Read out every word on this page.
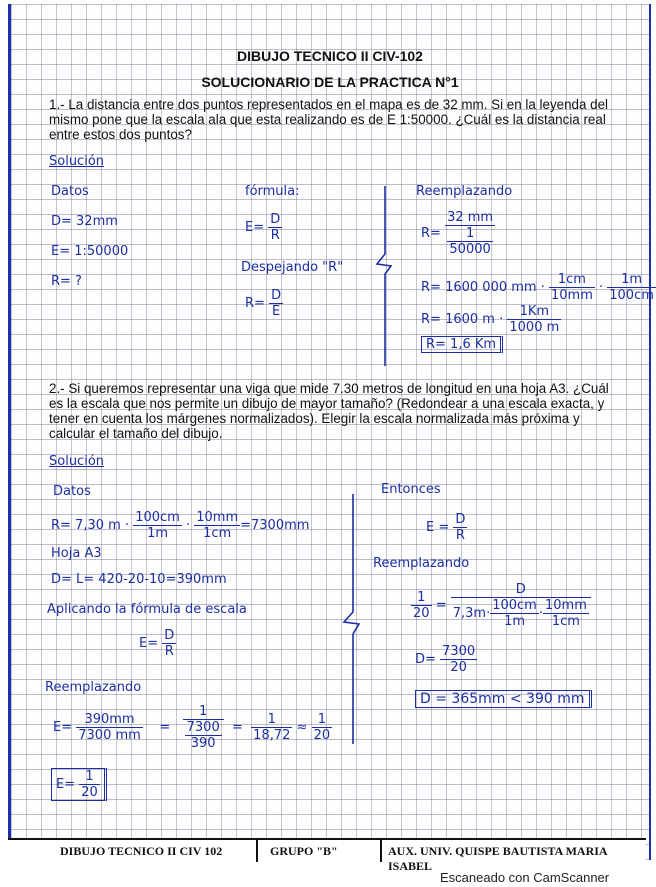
DIBUJO TECNICO II CIV-102
SOLUCIONARIO DE LA PRACTICA N°1
1.- La distancia entre dos puntos representados en el mapa es de 32 mm. Si en la leyenda del mismo pone que la escala ala que esta realizando es de E 1:50000. ¿Cuál es la distancia real entre estos dos puntos?
Solución
Datos
D= 32mm
E= 1:50000
R= ?
fórmula:
$E= \frac{D}{R}$
Despejando "R"
$R= \frac{D}{E}$
Reemplazando
$R= \frac{32 mm}{\frac{1}{50000}}$
R= 1600 000 mm · $\frac{1cm}{10mm} \cdot \frac{1m}{100cm}$
R= 1600 $m \cdot \frac{1Km}{1000 m}$
R= 1,6 Km
2.- Si queremos representar una viga que mide 7.30 metros de longitud en una hoja A3. ¿Cuál es la escala que nos permite un dibujo de mayor tamaño? (Redondear a una escala exacta, y tener en cuenta los márgenes normalizados). Elegir la escala normalizada más próxima y calcular el tamaño del dibujo.
Solución
Datos
R= 7,30 $m \cdot \frac{100cm}{1m} \cdot \frac{10mm}{1cm} =7300mm$
Hoja A3
D= L= 420-20-10=390mm
Aplicando la fórmula de escala
$E= \frac{D}{R}$
Reemplazando
$E= \frac{390mm}{7300 mm} = \frac{1}{\frac{7300}{390}} = \frac{1}{18,72} \approx \frac{1}{20}$
$E= \frac{1}{20}$
Entonces
$E = \frac{D}{R}$
Reemplazando
$\frac{1}{20} = \frac{D}{7,3m\cdot \frac{100cm}{1m} \cdot \frac{10mm}{1cm}}$
$D= \frac{7300}{20}$
D = 365mm < 390 mm
DIBUJO TECNICO II CIV 102	GRUPO "B"	AUX. UNIV. QUISPE BAUTISTA MARIA ISABEL
Escaneado con CamScanner
